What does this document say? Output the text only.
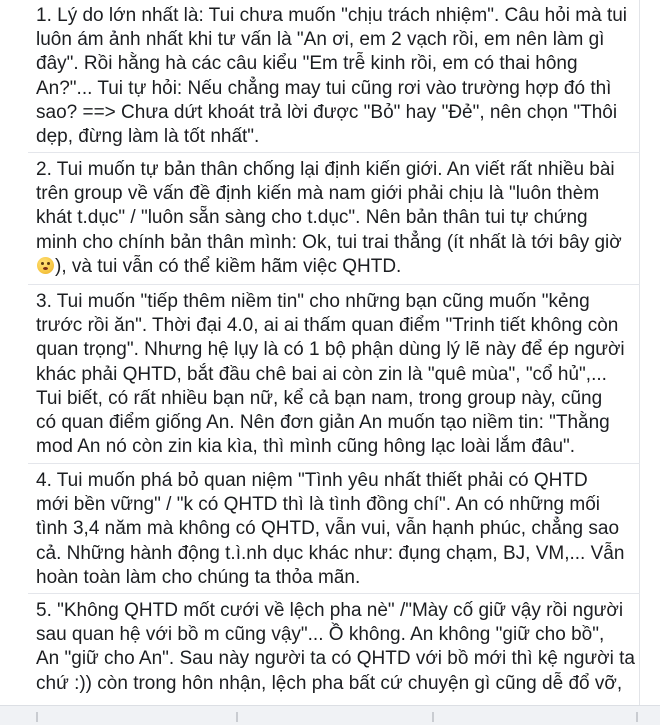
1. Lý do lớn nhất là: Tui chưa muốn "chịu trách nhiệm". Câu hỏi mà tui
luôn ám ảnh nhất khi tư vấn là "An ơi, em 2 vạch rồi, em nên làm gì
đây". Rồi hằng hà các câu kiểu "Em trễ kinh rồi, em có thai hông
An?"... Tui tự hỏi: Nếu chẳng may tui cũng rơi vào trường hợp đó thì
sao? ==> Chưa dứt khoát trả lời được "Bỏ" hay "Đẻ", nên chọn "Thôi
dẹp, đừng làm là tốt nhất".
2. Tui muốn tự bản thân chống lại định kiến giới. An viết rất nhiều bài
trên group về vấn đề định kiến mà nam giới phải chịu là "luôn thèm
khát t.dục" / "luôn sẵn sàng cho t.dục". Nên bản thân tui tự chứng
minh cho chính bản thân mình: Ok, tui trai thẳng (ít nhất là tới bây giờ
), và tui vẫn có thể kiềm hãm việc QHTD.
3. Tui muốn "tiếp thêm niềm tin" cho những bạn cũng muốn "kẻng
trước rồi ăn". Thời đại 4.0, ai ai thấm quan điểm "Trinh tiết không còn
quan trọng". Nhưng hệ lụy là có 1 bộ phận dùng lý lẽ này để ép người
khác phải QHTD, bắt đầu chê bai ai còn zin là "quê mùa", "cổ hủ",...
Tui biết, có rất nhiều bạn nữ, kể cả bạn nam, trong group này, cũng
có quan điểm giống An. Nên đơn giản An muốn tạo niềm tin: "Thằng
mod An nó còn zin kia kìa, thì mình cũng hông lạc loài lắm đâu".
4. Tui muốn phá bỏ quan niệm "Tình yêu nhất thiết phải có QHTD
mới bền vững" / "k có QHTD thì là tình đồng chí". An có những mối
tình 3,4 năm mà không có QHTD, vẫn vui, vẫn hạnh phúc, chẳng sao
cả. Những hành động t.ì.nh dục khác như: đụng chạm, BJ, VM,... Vẫn
hoàn toàn làm cho chúng ta thỏa mãn.
5. "Không QHTD mốt cưới về lệch pha nè" /"Mày cố giữ vậy rồi người
sau quan hệ với bồ m cũng vậy"... Ồ không. An không "giữ cho bồ",
An "giữ cho An". Sau này người ta có QHTD với bồ mới thì kệ người ta
chứ :)) còn trong hôn nhận, lệch pha bất cứ chuyện gì cũng dễ đổ vỡ,
